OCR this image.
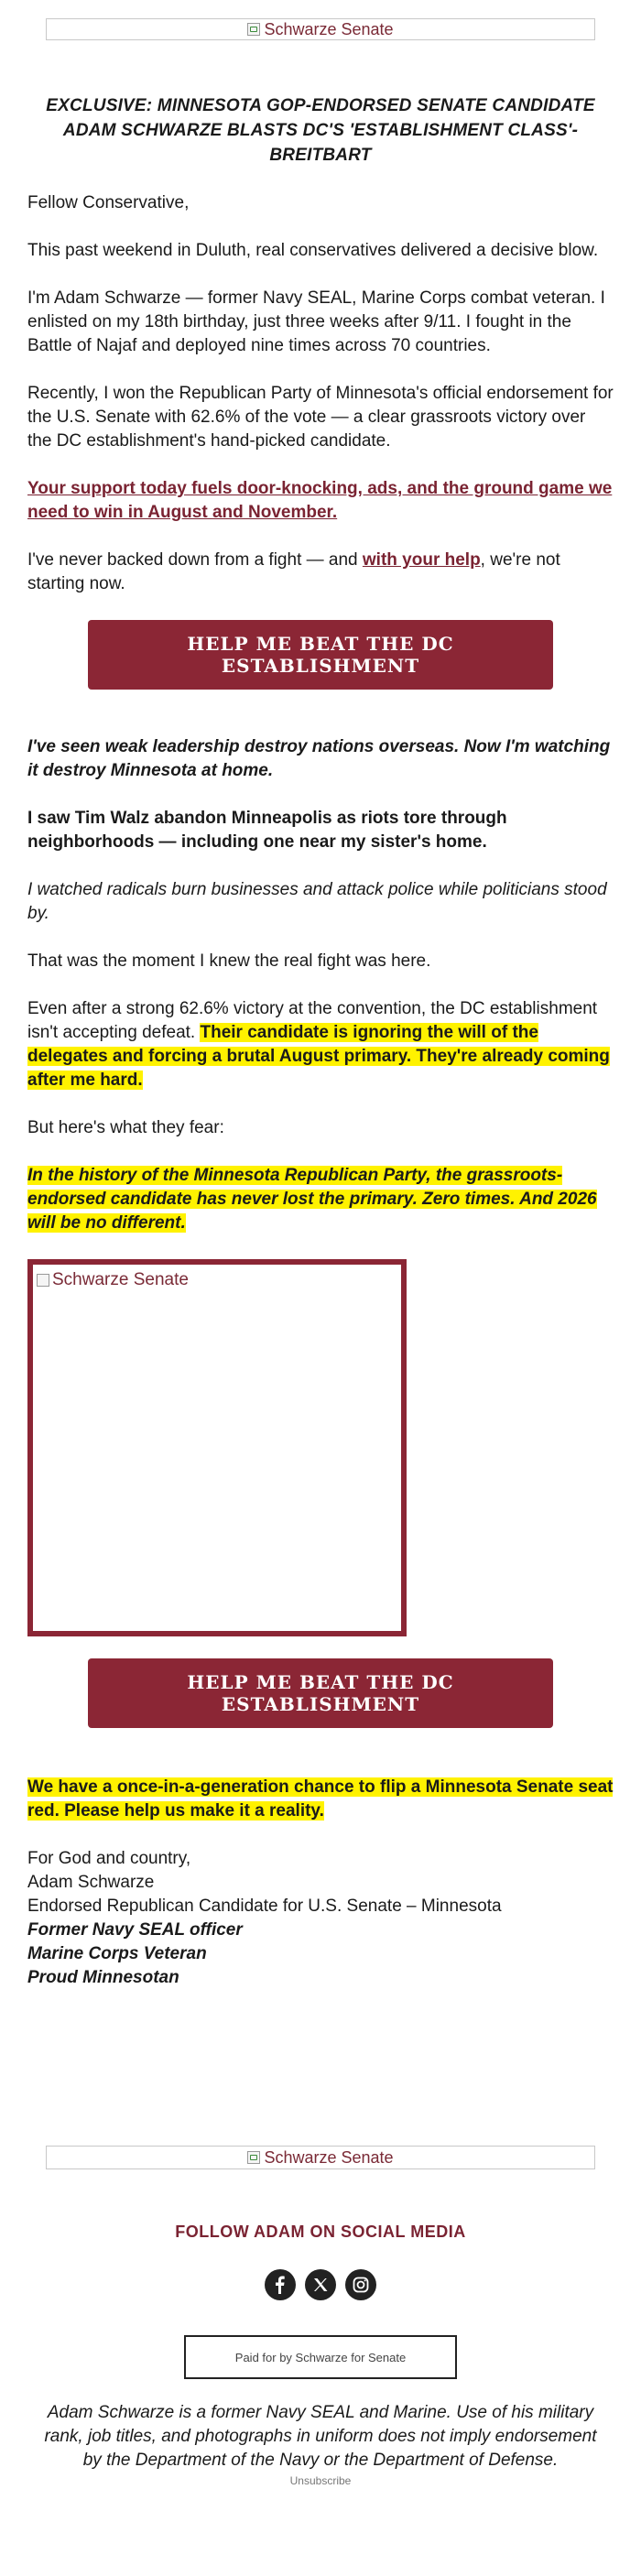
Schwarze Senate
EXCLUSIVE: MINNESOTA GOP-ENDORSED SENATE CANDIDATE ADAM SCHWARZE BLASTS DC'S 'ESTABLISHMENT CLASS'- BREITBART

Fellow Conservative,

This past weekend in Duluth, real conservatives delivered a decisive blow.

I'm Adam Schwarze — former Navy SEAL, Marine Corps combat veteran. I enlisted on my 18th birthday, just three weeks after 9/11. I fought in the Battle of Najaf and deployed nine times across 70 countries.

Recently, I won the Republican Party of Minnesota's official endorsement for the U.S. Senate with 62.6% of the vote — a clear grassroots victory over the DC establishment's hand-picked candidate.

Your support today fuels door-knocking, ads, and the ground game we need to win in August and November.

I've never backed down from a fight — and with your help, we're not starting now.

HELP ME BEAT THE DC ESTABLISHMENT

I've seen weak leadership destroy nations overseas. Now I'm watching it destroy Minnesota at home.

I saw Tim Walz abandon Minneapolis as riots tore through neighborhoods — including one near my sister's home.

I watched radicals burn businesses and attack police while politicians stood by.

That was the moment I knew the real fight was here.

Even after a strong 62.6% victory at the convention, the DC establishment isn't accepting defeat. Their candidate is ignoring the will of the delegates and forcing a brutal August primary. They're already coming after me hard.

But here's what they fear:

In the history of the Minnesota Republican Party, the grassroots-endorsed candidate has never lost the primary. Zero times. And 2026 will be no different.

Schwarze Senate
HELP ME BEAT THE DC ESTABLISHMENT

We have a once-in-a-generation chance to flip a Minnesota Senate seat red. Please help us make it a reality.

For God and country,

Adam Schwarze

Endorsed Republican Candidate for U.S. Senate – Minnesota

Former Navy SEAL officer

Marine Corps Veteran

Proud Minnesotan

Schwarze Senate
FOLLOW ADAM ON SOCIAL MEDIA
Paid for by Schwarze for Senate
Adam Schwarze is a former Navy SEAL and Marine. Use of his military rank, job titles, and photographs in uniform does not imply endorsement by the Department of the Navy or the Department of Defense.
Unsubscribe
